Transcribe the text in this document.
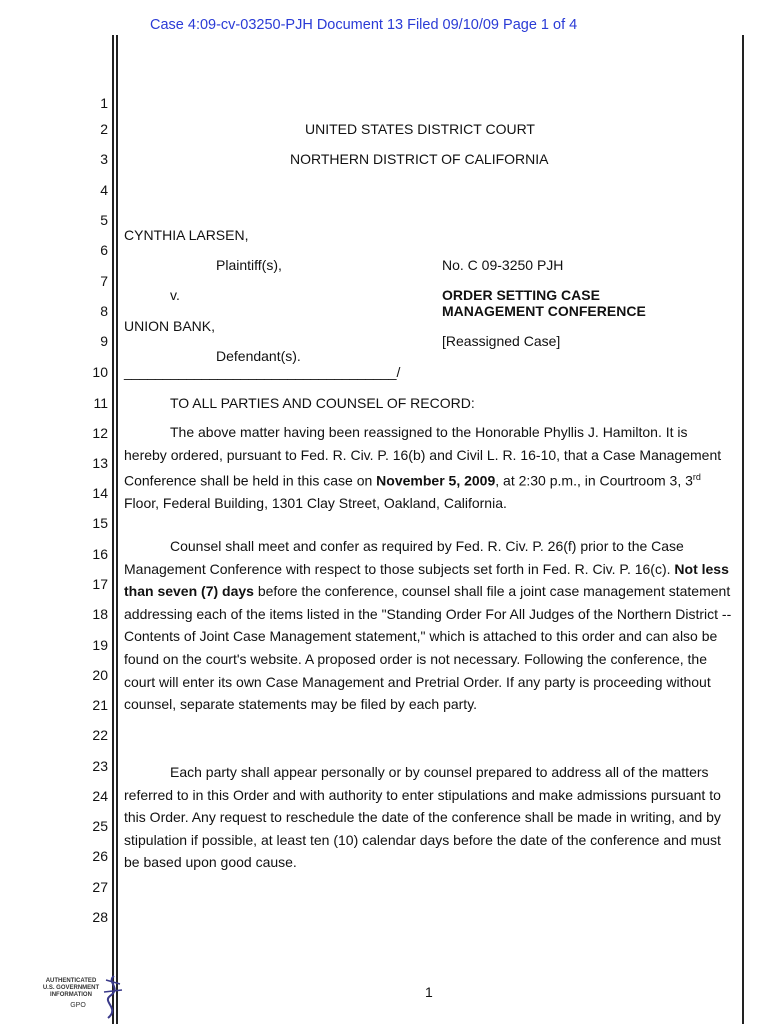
Case 4:09-cv-03250-PJH Document 13 Filed 09/10/09 Page 1 of 4
1
2
3
4
5
6
7
8
9
10
11
12
13
14
15
16
17
18
19
20
21
22
23
24
25
26
27
28
UNITED STATES DISTRICT COURT
NORTHERN DISTRICT OF CALIFORNIA
CYNTHIA LARSEN,
Plaintiff(s),	No. C 09-3250 PJH
v.	ORDER SETTING CASE
MANAGEMENT CONFERENCE
UNION BANK,
[Reassigned Case]
Defendant(s).
___________________________________/
TO ALL PARTIES AND COUNSEL OF RECORD:
The above matter having been reassigned to the Honorable Phyllis J. Hamilton. It is hereby ordered, pursuant to Fed. R. Civ. P. 16(b) and Civil L. R. 16-10, that a Case Management Conference shall be held in this case on November 5, 2009, at 2:30 p.m., in Courtroom 3, 3rd Floor, Federal Building, 1301 Clay Street, Oakland, California.
Counsel shall meet and confer as required by Fed. R. Civ. P. 26(f) prior to the Case Management Conference with respect to those subjects set forth in Fed. R. Civ. P. 16(c). Not less than seven (7) days before the conference, counsel shall file a joint case management statement addressing each of the items listed in the "Standing Order For All Judges of the Northern District -- Contents of Joint Case Management statement," which is attached to this order and can also be found on the court's website. A proposed order is not necessary. Following the conference, the court will enter its own Case Management and Pretrial Order. If any party is proceeding without counsel, separate statements may be filed by each party.
Each party shall appear personally or by counsel prepared to address all of the matters referred to in this Order and with authority to enter stipulations and make admissions pursuant to this Order. Any request to reschedule the date of the conference shall be made in writing, and by stipulation if possible, at least ten (10) calendar days before the date of the conference and must be based upon good cause.
1
AUTHENTICATED
U.S. GOVERNMENT
INFORMATION
GPO
